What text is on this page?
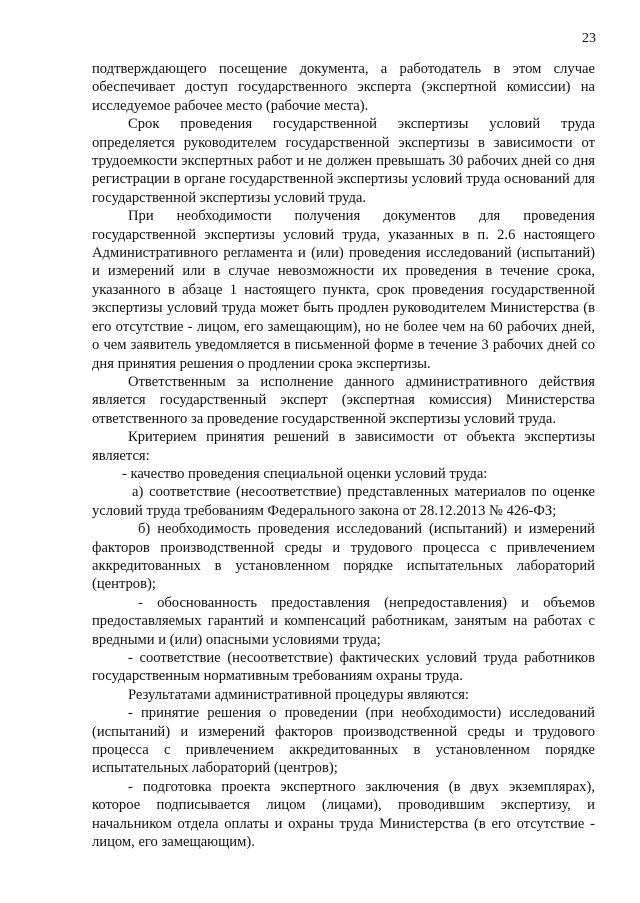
23

подтверждающего посещение документа, а работодатель в этом случае обеспечивает доступ государственного эксперта (экспертной комиссии) на исследуемое рабочее место (рабочие места).

Срок проведения государственной экспертизы условий труда определяется руководителем государственной экспертизы в зависимости от трудоемкости экспертных работ и не должен превышать 30 рабочих дней со дня регистрации в органе государственной экспертизы условий труда оснований для государственной экспертизы условий труда.

При необходимости получения документов для проведения государственной экспертизы условий труда, указанных в п. 2.6 настоящего Административного регламента и (или) проведения исследований (испытаний) и измерений или в случае невозможности их проведения в течение срока, указанного в абзаце 1 настоящего пункта, срок проведения государственной экспертизы условий труда может быть продлен руководителем Министерства (в его отсутствие - лицом, его замещающим), но не более чем на 60 рабочих дней, о чем заявитель уведомляется в письменной форме в течение 3 рабочих дней со дня принятия решения о продлении срока экспертизы.

Ответственным за исполнение данного административного действия является государственный эксперт (экспертная комиссия) Министерства ответственного за проведение государственной экспертизы условий труда.

Критерием принятия решений в зависимости от объекта экспертизы является:

- качество проведения специальной оценки условий труда:

а) соответствие (несоответствие) представленных материалов по оценке условий труда требованиям Федерального закона от 28.12.2013 № 426-ФЗ;

б) необходимость проведения исследований (испытаний) и измерений факторов производственной среды и трудового процесса с привлечением аккредитованных в установленном порядке испытательных лабораторий (центров);

- обоснованность предоставления (непредоставления) и объемов предоставляемых гарантий и компенсаций работникам, занятым на работах с вредными и (или) опасными условиями труда;

- соответствие (несоответствие) фактических условий труда работников государственным нормативным требованиям охраны труда.

Результатами административной процедуры являются:

- принятие решения о проведении (при необходимости) исследований (испытаний) и измерений факторов производственной среды и трудового процесса с привлечением аккредитованных в установленном порядке испытательных лабораторий (центров);

- подготовка проекта экспертного заключения (в двух экземплярах), которое подписывается лицом (лицами), проводившим экспертизу, и начальником отдела оплаты и охраны труда Министерства (в его отсутствие - лицом, его замещающим).
